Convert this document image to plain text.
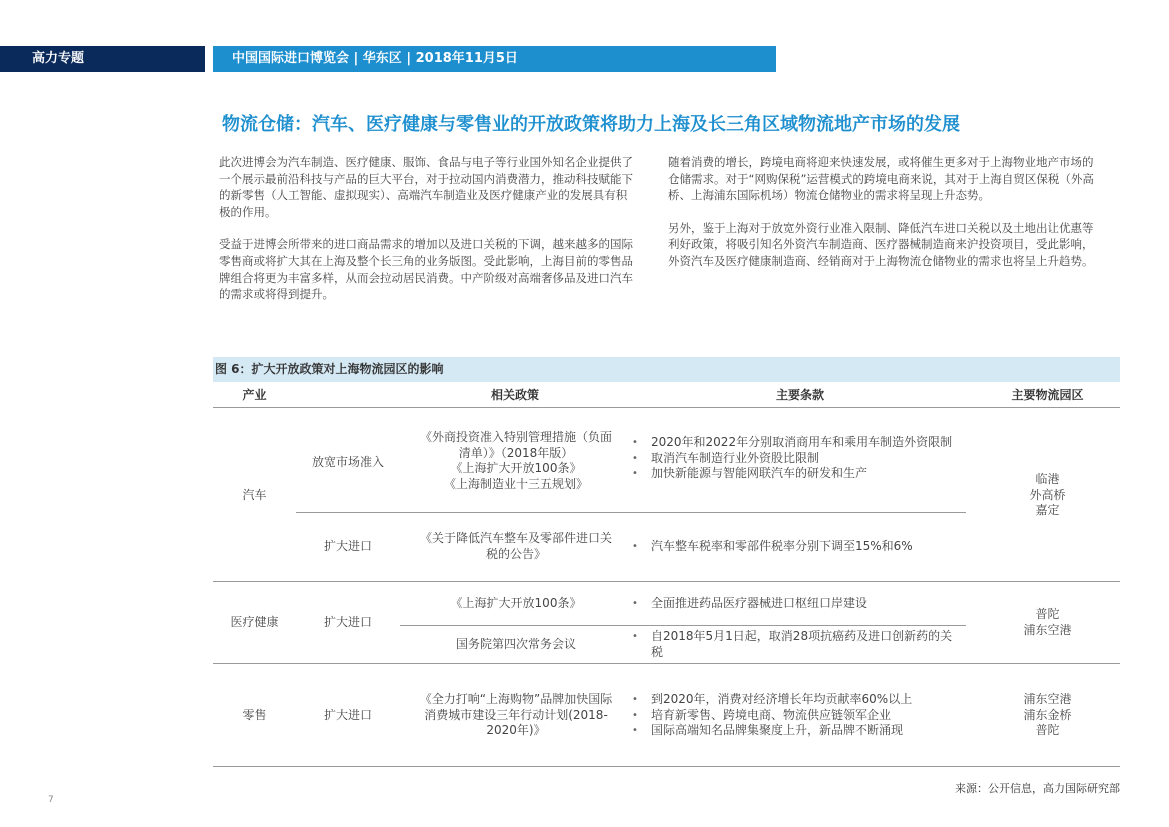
高力专题	中国国际进口博览会 | 华东区 | 2018年11月5日
物流仓储：汽车、医疗健康与零售业的开放政策将助力上海及长三角区域物流地产市场的发展

此次进博会为汽车制造、医疗健康、服饰、食品与电子等行业国外知名企业提供了一个展示最前沿科技与产品的巨大平台，对于拉动国内消费潜力，推动科技赋能下的新零售（人工智能、虚拟现实）、高端汽车制造业及医疗健康产业的发展具有积极的作用。

受益于进博会所带来的进口商品需求的增加以及进口关税的下调，越来越多的国际零售商或将扩大其在上海及整个长三角的业务版图。受此影响，上海目前的零售品牌组合将更为丰富多样，从而会拉动居民消费。中产阶级对高端奢侈品及进口汽车的需求或将得到提升。

随着消费的增长，跨境电商将迎来快速发展，或将催生更多对于上海物业地产市场的仓储需求。对于“网购保税”运营模式的跨境电商来说，其对于上海自贸区保税（外高桥、上海浦东国际机场）物流仓储物业的需求将呈现上升态势。

另外，鉴于上海对于放宽外资行业准入限制、降低汽车进口关税以及土地出让优惠等利好政策，将吸引知名外资汽车制造商、医疗器械制造商来沪投资项目，受此影响，外资汽车及医疗健康制造商、经销商对于上海物流仓储物业的需求也将呈上升趋势。

图 6：扩大开放政策对上海物流园区的影响
产业	相关政策	主要条款	主要物流园区
汽车
放宽市场准入
《外商投资准入特别管理措施（负面清单）》（2018年版）
《上海扩大开放100条》
《上海制造业十三五规划》
• 2020年和2022年分别取消商用车和乘用车制造外资限制
• 取消汽车制造行业外资股比限制
• 加快新能源与智能网联汽车的研发和生产	临港
外高桥
嘉定
扩大进口
《关于降低汽车整车及零部件进口关税的公告》
• 汽车整车税率和零部件税率分别下调至15%和6%
医疗健康	扩大进口
《上海扩大开放100条》
•	全面推进药品医疗器械进口枢纽口岸建设
国务院第四次常务会议
• 自2018年5月1日起，取消28项抗癌药及进口创新药的关税
普陀
浦东空港
零售	扩大进口
《全力打响“上海购物”品牌加快国际消费城市建设三年行动计划(2018-2020年)》
• 到2020年，消费对经济增长年均贡献率60%以上
• 培育新零售、跨境电商、物流供应链领军企业
• 国际高端知名品牌集聚度上升，新品牌不断涌现
浦东空港
浦东金桥
普陀
来源：公开信息，高力国际研究部
7
